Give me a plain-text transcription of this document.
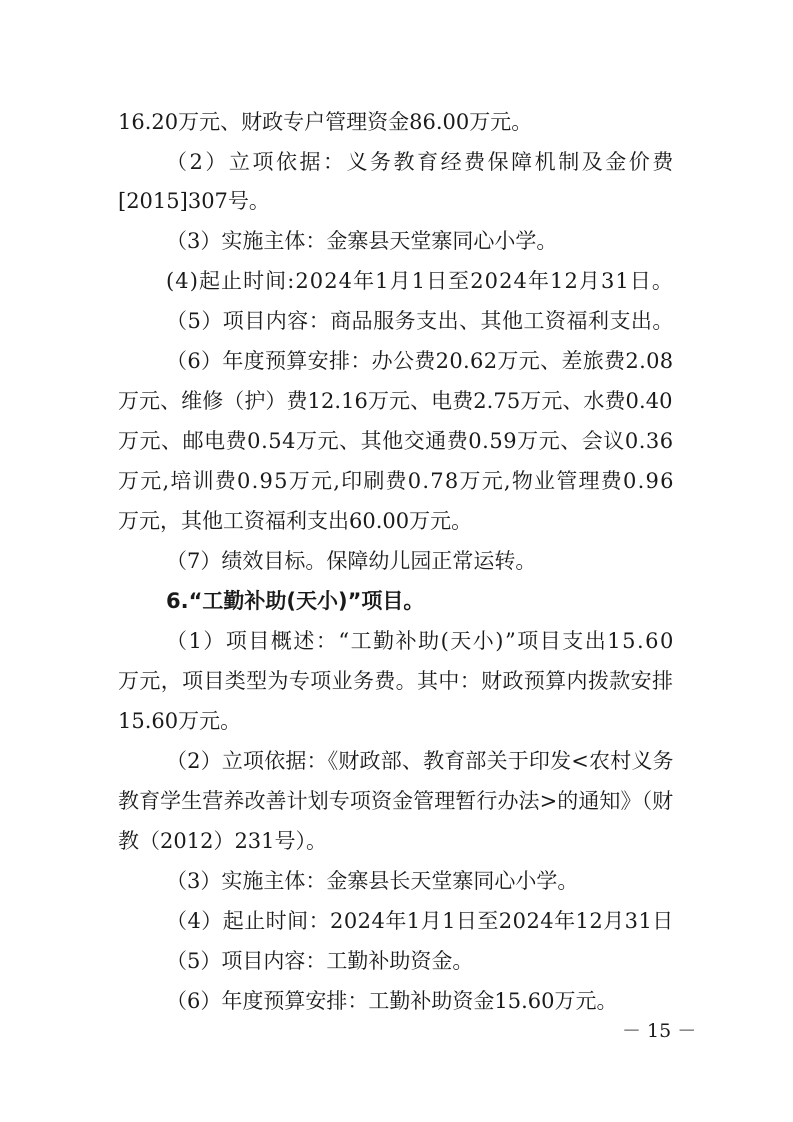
16.20万元、财政专户管理资金86.00万元。
（2）立项依据：义务教育经费保障机制及金价费
[2015]307号。
（3）实施主体：金寨县天堂寨同心小学。
(4)起止时间:2024年1月1日至2024年12月31日。
（5）项目内容：商品服务支出、其他工资福利支出。
（6）年度预算安排：办公费20.62万元、差旅费2.08
万元、维修（护）费12.16万元、电费2.75万元、水费0.40
万元、邮电费0.54万元、其他交通费0.59万元、会议0.36
万元,培训费0.95万元,印刷费0.78万元,物业管理费0.96
万元，其他工资福利支出60.00万元。
（7）绩效目标。保障幼儿园正常运转。
6.“工勤补助(天小)”项目。
（1）项目概述：“工勤补助(天小)”项目支出15.60
万元，项目类型为专项业务费。其中：财政预算内拨款安排
15.60万元。
（2）立项依据：《财政部、教育部关于印发<农村义务
教育学生营养改善计划专项资金管理暂行办法>的通知》（财
教（2012）231号）。
（3）实施主体：金寨县长天堂寨同心小学。
（4）起止时间：2024年1月1日至2024年12月31日
（5）项目内容：工勤补助资金。
（6）年度预算安排：工勤补助资金15.60万元。
－ 15 －
